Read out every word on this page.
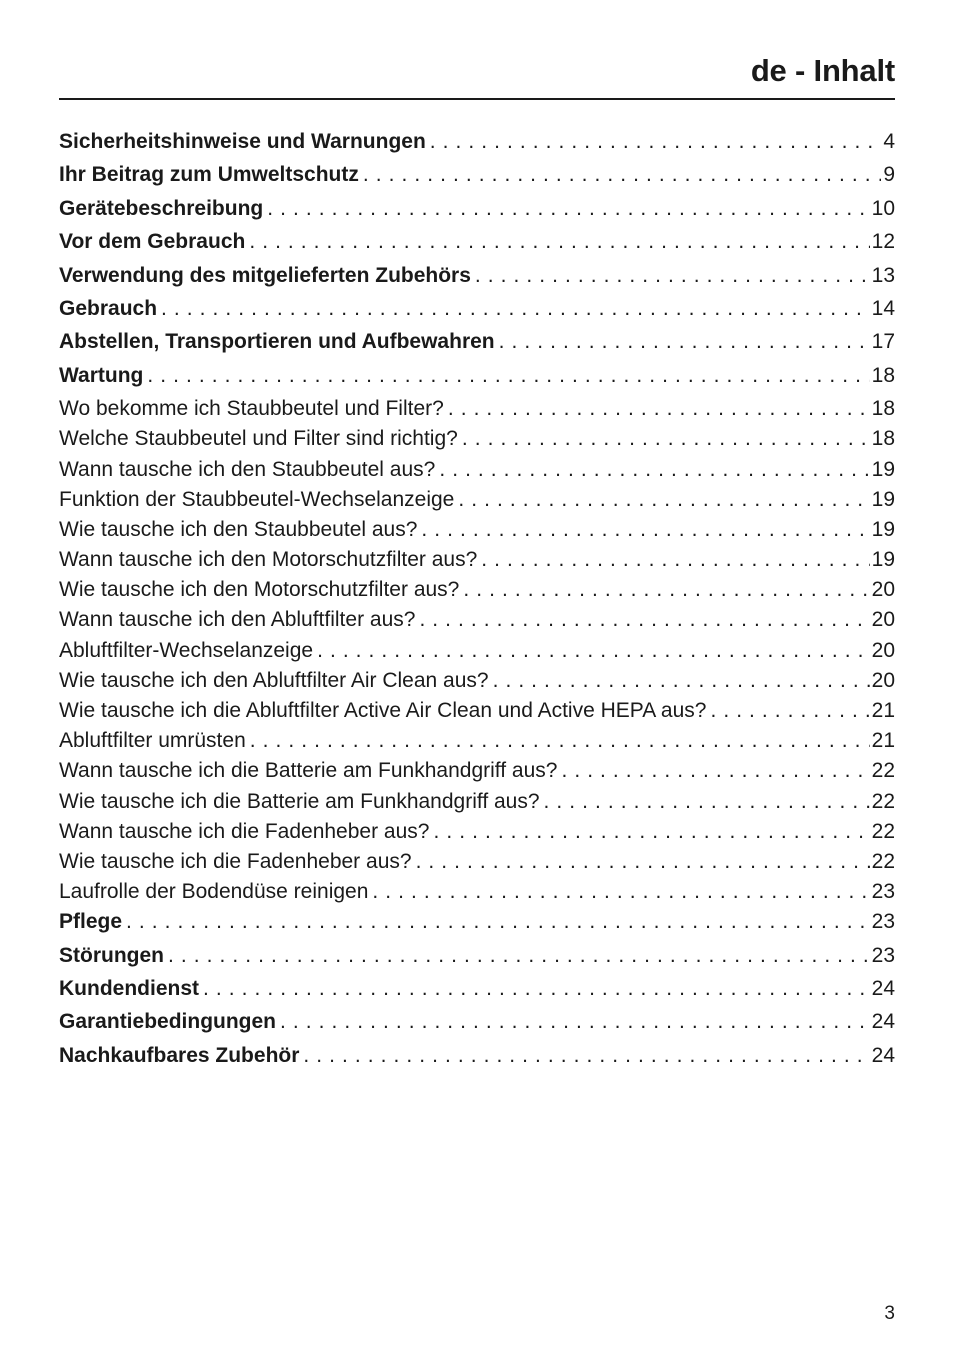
de - Inhalt
Sicherheitshinweise und Warnungen . . .	4
Ihr Beitrag zum Umweltschutz . . .	9
Gerätebeschreibung . . .	10
Vor dem Gebrauch . . .	12
Verwendung des mitgelieferten Zubehörs . . .	13
Gebrauch . . .	14
Abstellen, Transportieren und Aufbewahren . . .	17
Wartung . . .	18
Wo bekomme ich Staubbeutel und Filter? . . .	18
Welche Staubbeutel und Filter sind richtig? . . .	18
Wann tausche ich den Staubbeutel aus? . . .	19
Funktion der Staubbeutel-Wechselanzeige . . .	19
Wie tausche ich den Staubbeutel aus? . . .	19
Wann tausche ich den Motorschutzfilter aus? . . .	19
Wie tausche ich den Motorschutzfilter aus? . . .	20
Wann tausche ich den Abluftfilter aus? . . .	20
Abluftfilter-Wechselanzeige . . .	20
Wie tausche ich den Abluftfilter Air Clean aus? . . .	20
Wie tausche ich die Abluftfilter Active Air Clean und Active HEPA aus? . . .	21
Abluftfilter umrüsten . . .	21
Wann tausche ich die Batterie am Funkhandgriff aus? . . .	22
Wie tausche ich die Batterie am Funkhandgriff aus? . . .	22
Wann tausche ich die Fadenheber aus? . . .	22
Wie tausche ich die Fadenheber aus? . . .	22
Laufrolle der Bodendüse reinigen . . .	23
Pflege . . .	23
Störungen . . .	23
Kundendienst . . .	24
Garantiebedingungen . . .	24
Nachkaufbares Zubehör . . .	24
3
